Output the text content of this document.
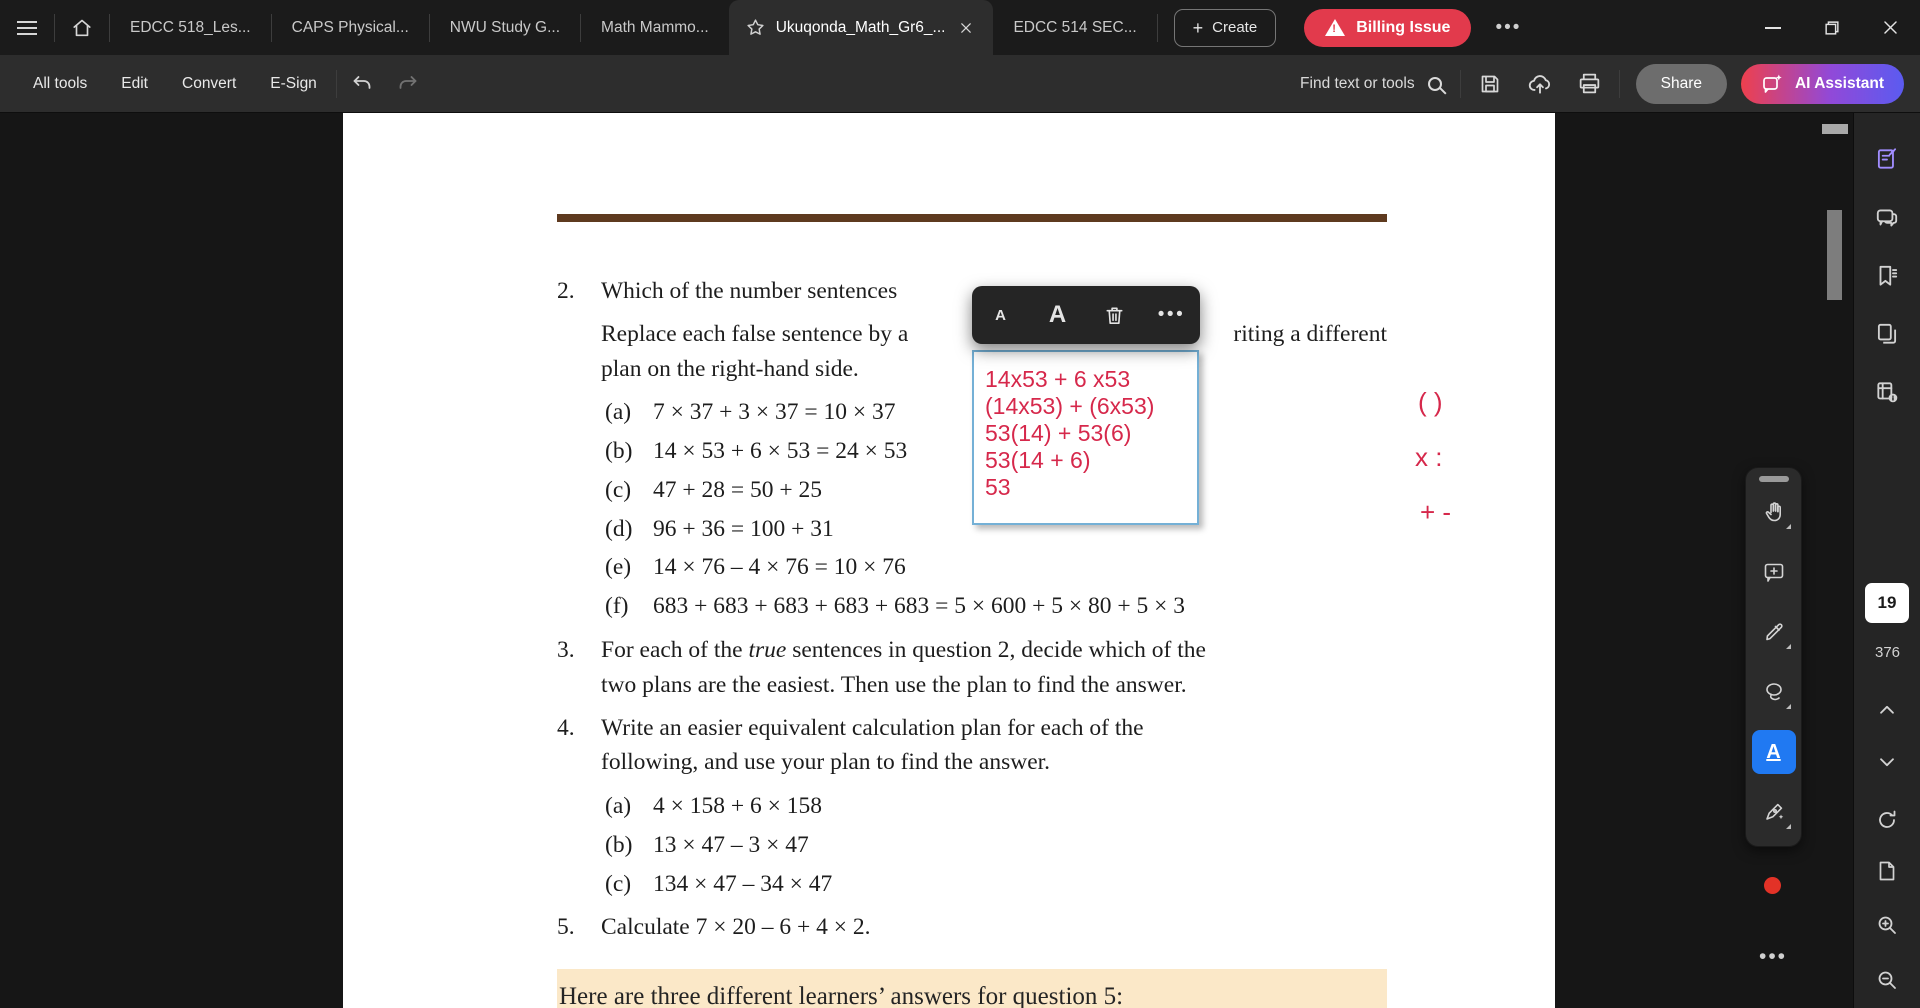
EDCC 518_Les...	CAPS Physical...	NWU Study G...	Math Mammo...	Ukuqonda_Math_Gr6_...	EDCC 514 SEC...	+ Create !	Billing Issue •••
All tools	Edit	Convert	E-Sign	Find text or tools	Share	AI Assistant
2. Which of the number sentences
Replace each false sentence by a	riting a different
plan on the right-hand side.
(a) 7 × 37 + 3 × 37 = 10 × 37
(b) 14 × 53 + 6 × 53 = 24 × 53
(c) 47 + 28 = 50 + 25
(d) 96 + 36 = 100 + 31
(e) 14 × 76 – 4 × 76 = 10 × 76
(f)	683 + 683 + 683 + 683 + 683 = 5 × 600 + 5 × 80 + 5 × 3
3. For each of the true sentences in question 2, decide which of the
two plans are the easiest. Then use the plan to find the answer.
4. Write an easier equivalent calculation plan for each of the
following, and use your plan to find the answer.
(a) 4 × 158 + 6 × 158
(b) 13 × 47 – 3 × 47
(c) 134 × 47 – 34 × 47
5. Calculate 7 × 20 – 6 + 4 × 2.
Here are three different learners’ answers for question 5:
14x53 + 6 x53
(14x53) + (6x53)
53(14) + 53(6)
53(14 + 6)
53
A A	•••
( )
x :
+ -
A
•••
19
376
